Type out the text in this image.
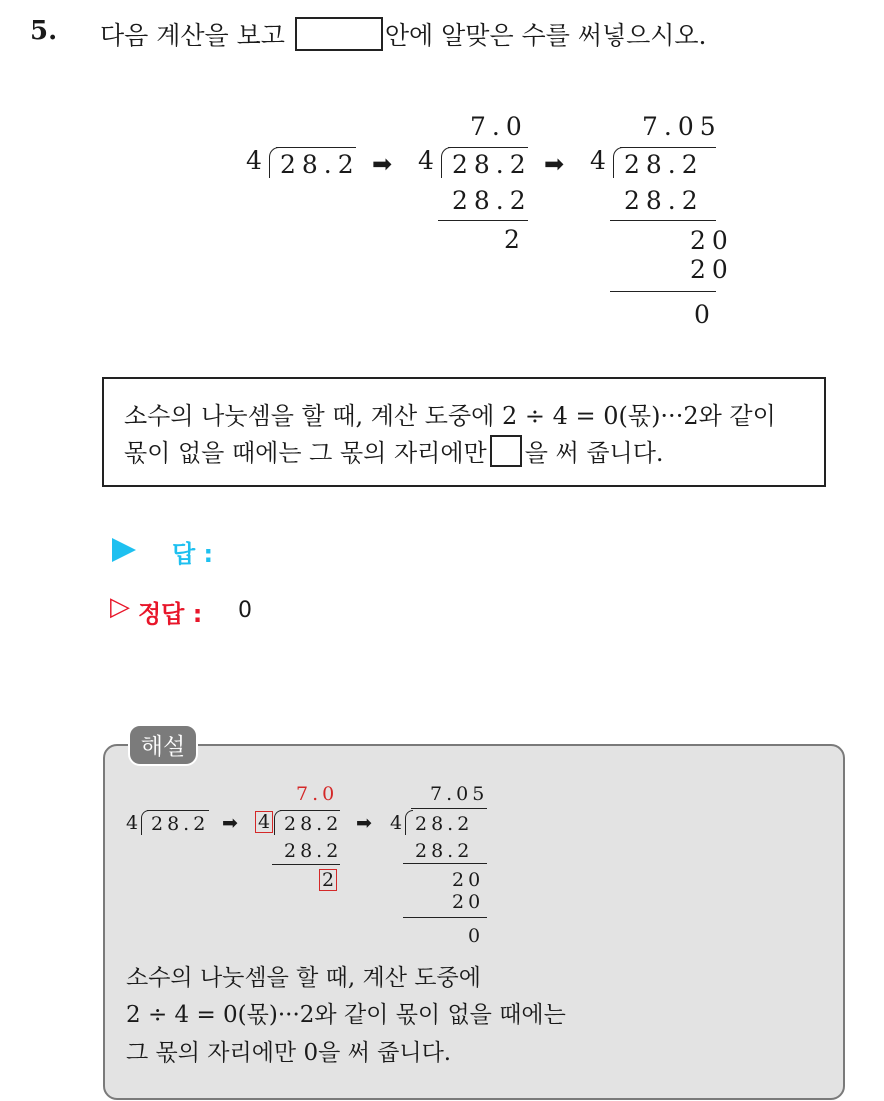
5. 다음 계산을 보고	안에 알맞은 수를 써넣으시오.
4 28.2 ➡
7.0
4 28.2
28.2
2
➡
7.05
4 28.2
28.2
20
20
0
소수의 나눗셈을 할 때, 계산 도중에 2 ÷ 4 = 0(몫)···2와 같이
몫이 없을 때에는 그 몫의 자리에만 을 써 줍니다.
답 :
▷ 정답 : 0
해설
4 28.2 ➡
7.0
4 28.2
28.2
2
➡
7.05
4 28.2
28.2
20
20
0
소수의 나눗셈을 할 때, 계산 도중에
2 ÷ 4 = 0(몫)···2와 같이 몫이 없을 때에는
그 몫의 자리에만 0을 써 줍니다.
